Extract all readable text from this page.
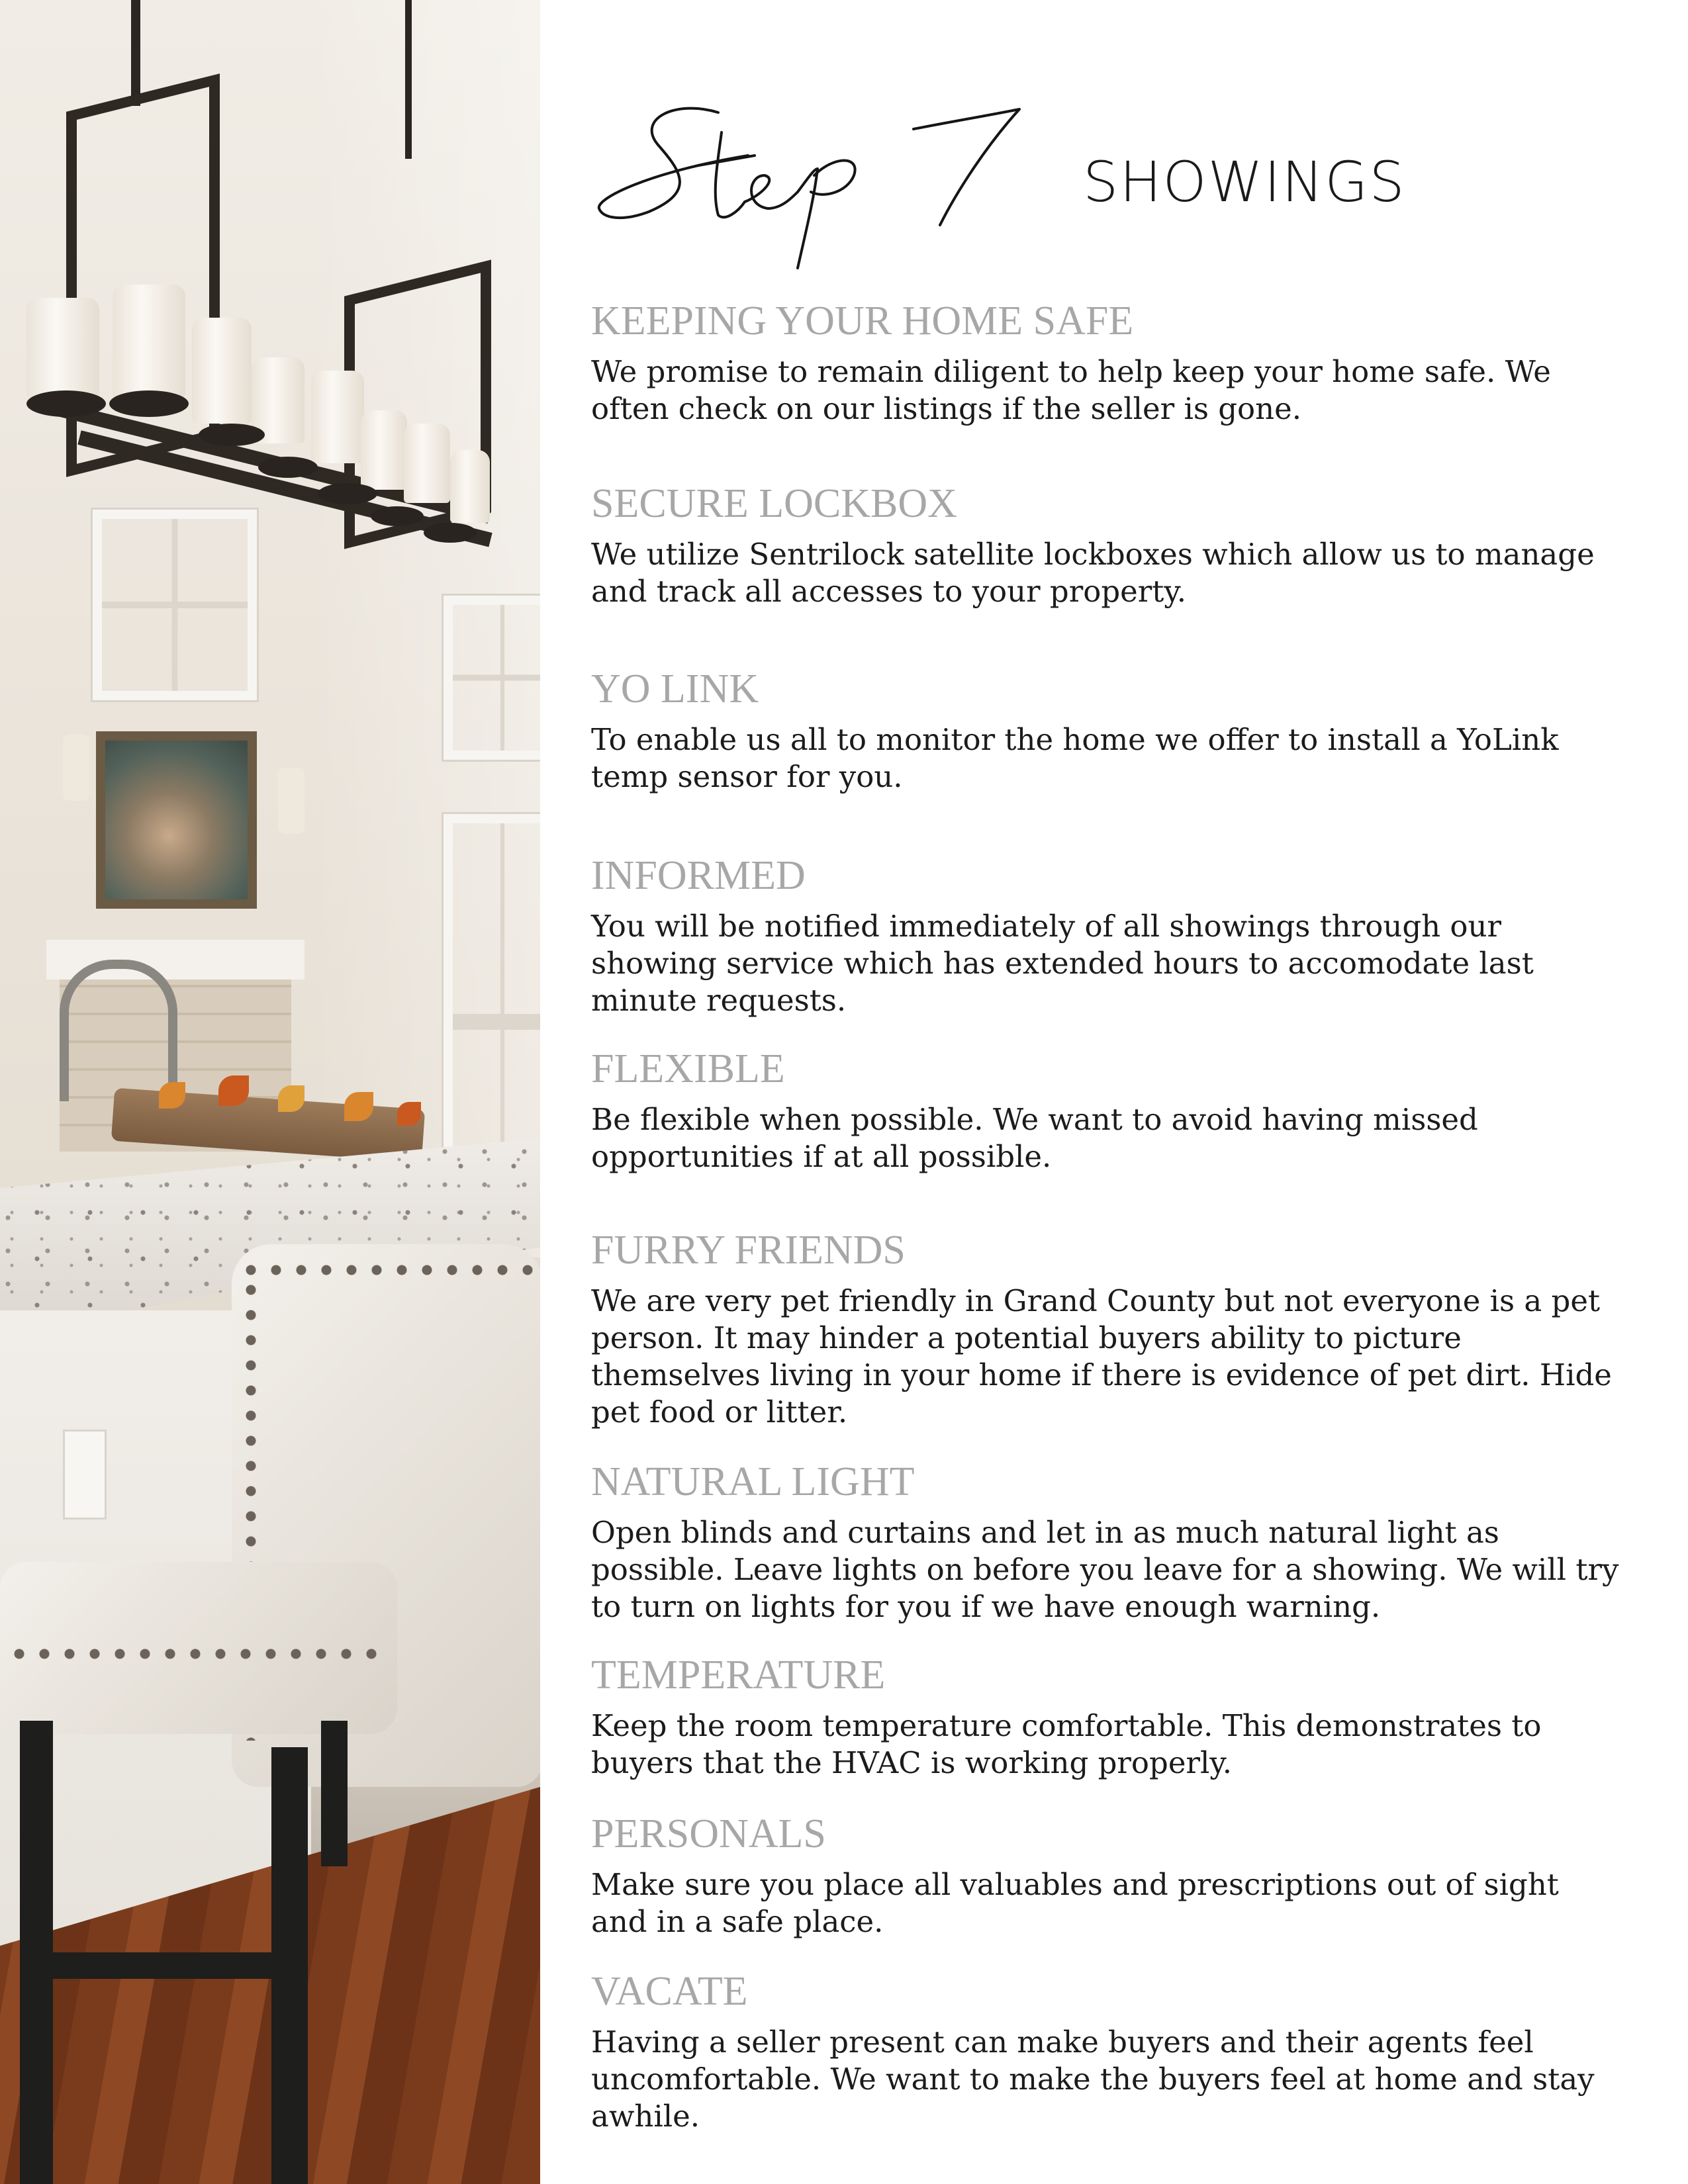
SHOWINGS
KEEPING YOUR HOME SAFE

We promise to remain diligent to help keep your home safe. We often check on our listings if the seller is gone.

SECURE LOCKBOX

We utilize Sentrilock satellite lockboxes which allow us to manage and track all accesses to your property.

YO LINK

To enable us all to monitor the home we offer to install a YoLink temp sensor for you.

INFORMED

You will be notified immediately of all showings through our showing service which has extended hours to accomodate last minute requests.

FLEXIBLE

Be flexible when possible. We want to avoid having missed opportunities if at all possible.

FURRY FRIENDS

We are very pet friendly in Grand County but not everyone is a pet person. It may hinder a potential buyers ability to picture themselves living in your home if there is evidence of pet dirt. Hide pet food or litter.

NATURAL LIGHT

Open blinds and curtains and let in as much natural light as possible. Leave lights on before you leave for a showing. We will try to turn on lights for you if we have enough warning.

TEMPERATURE

Keep the room temperature comfortable. This demonstrates to buyers that the HVAC is working properly.

PERSONALS

Make sure you place all valuables and prescriptions out of sight and in a safe place.

VACATE

Having a seller present can make buyers and their agents feel uncomfortable. We want to make the buyers feel at home and stay awhile.
